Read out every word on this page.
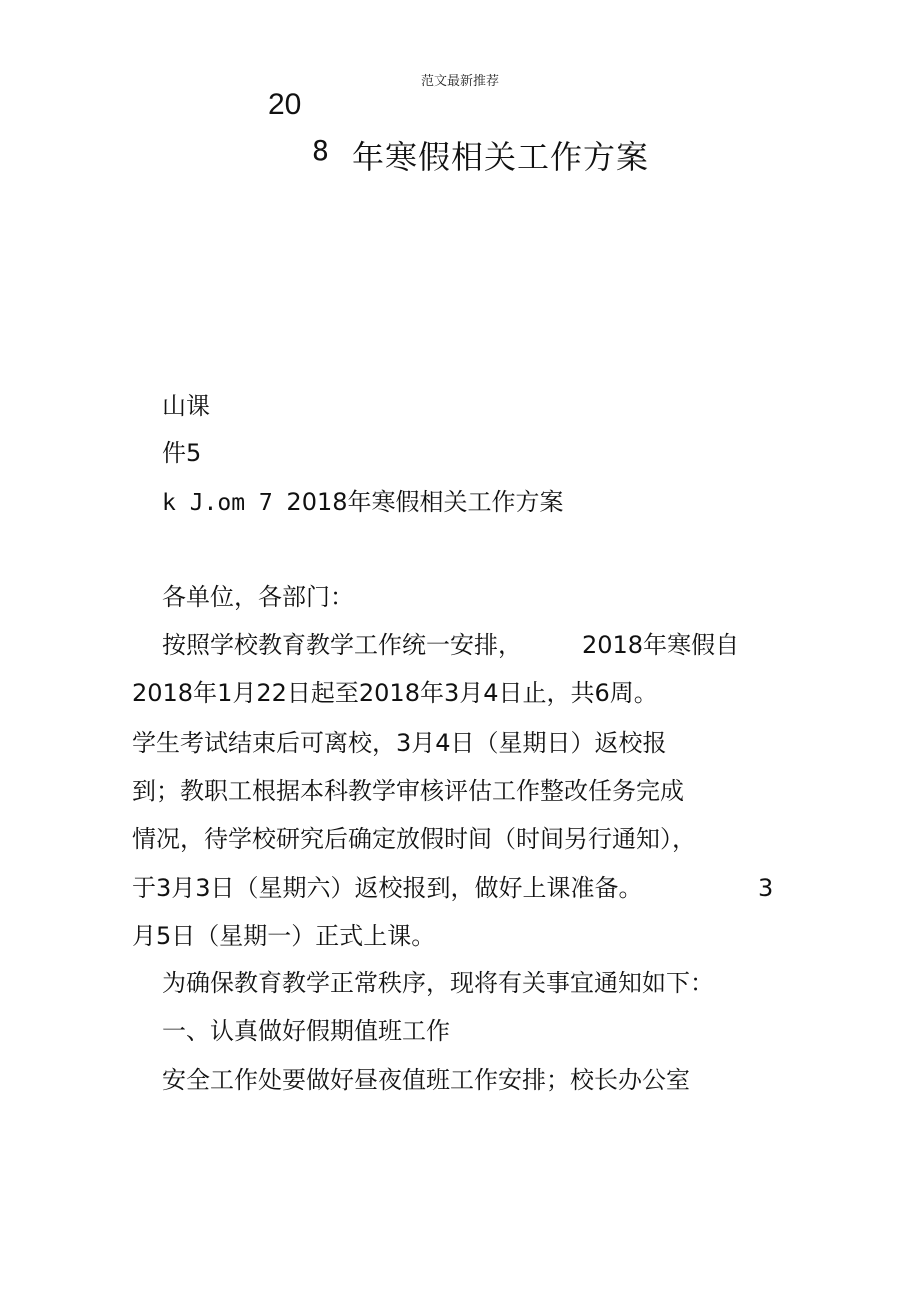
范文最新推荐
20
8 年寒假相关工作方案
山课
件5
k J.om 7 2018年寒假相关工作方案
各单位，各部门：
按照学校教育教学工作统一安排，	2018年寒假自
2018年1月22日起至2018年3月4日止，共6周。
学生考试结束后可离校，3月4日（星期日）返校报
到；教职工根据本科教学审核评估工作整改任务完成
情况，待学校研究后确定放假时间（时间另行通知），
于3月3日（星期六）返校报到，做好上课准备。	3
月5日（星期一）正式上课。
为确保教育教学正常秩序，现将有关事宜通知如下：
一、认真做好假期值班工作
安全工作处要做好昼夜值班工作安排；校长办公室
